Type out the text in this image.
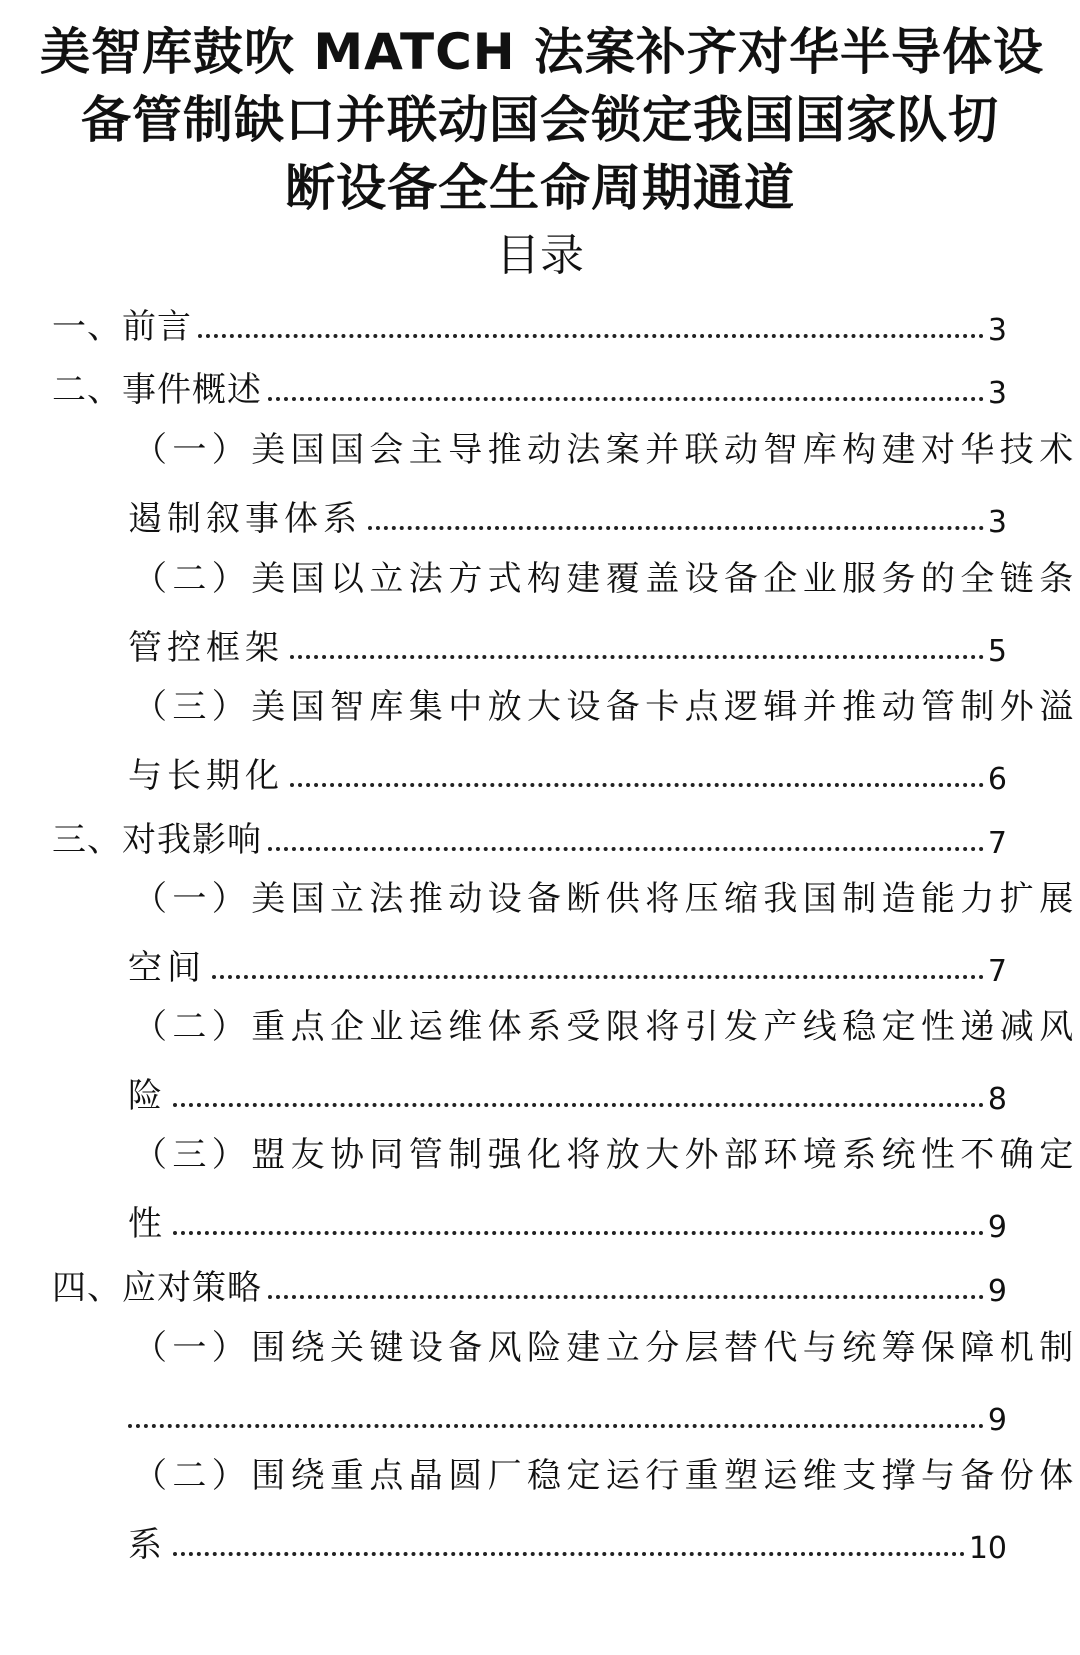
美智库鼓吹 MATCH 法案补齐对华半导体设
备管制缺口并联动国会锁定我国国家队切
断设备全生命周期通道
目录
一、前言	3
二、事件概述	3
（一）美国国会主导推动法案并联动智库构建对华技术
遏制叙事体系	3
（二）美国以立法方式构建覆盖设备企业服务的全链条
管控框架	5
（三）美国智库集中放大设备卡点逻辑并推动管制外溢
与长期化	6
三、对我影响	7
（一）美国立法推动设备断供将压缩我国制造能力扩展
空间	7
（二）重点企业运维体系受限将引发产线稳定性递减风
险	8
（三）盟友协同管制强化将放大外部环境系统性不确定
性	9
四、应对策略	9
（一）围绕关键设备风险建立分层替代与统筹保障机制
9
（二）围绕重点晶圆厂稳定运行重塑运维支撑与备份体
系	10
